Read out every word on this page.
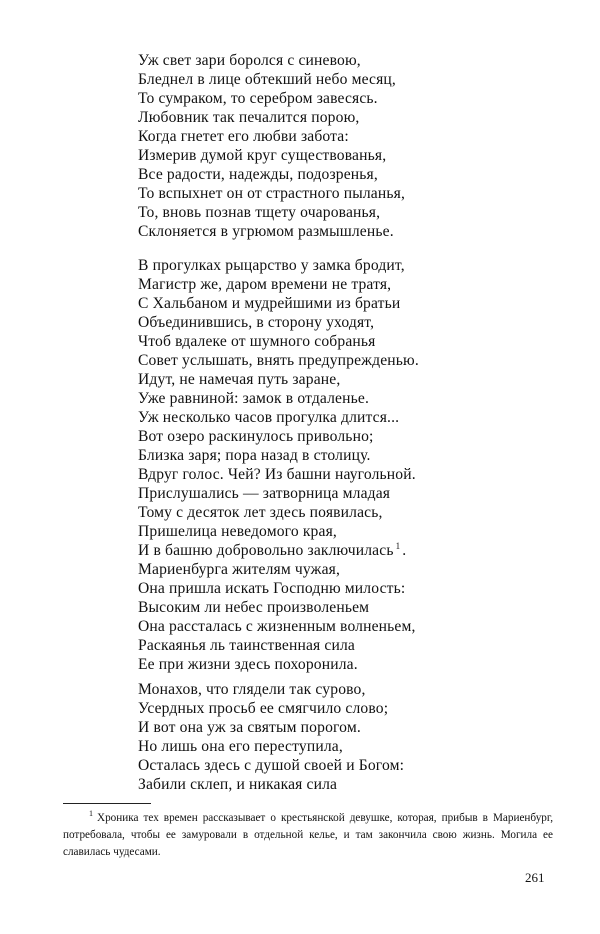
Уж свет зари боролся с синевою,
Бледнел в лице обтекший небо месяц,
То сумраком, то серебром завесясь.
Любовник так печалится порою,
Когда гнетет его любви забота:
Измерив думой круг существованья,
Все радости, надежды, подозренья,
То вспыхнет он от страстного пыланья,
То, вновь познав тщету очарованья,
Склоняется в угрюмом размышленье.
В прогулках рыцарство у замка бродит,
Магистр же, даром времени не тратя,
С Хальбаном и мудрейшими из братьи
Объединившись, в сторону уходят,
Чтоб вдалеке от шумного собранья
Совет услышать, внять предупрежденью.
Идут, не намечая путь заране,
Уже равниной: замок в отдаленье.
Уж несколько часов прогулка длится...
Вот озеро раскинулось привольно;
Близка заря; пора назад в столицу.
Вдруг голос. Чей? Из башни наугольной.
Прислушались — затворница младая
Тому с десяток лет здесь появилась,
Пришелица неведомого края,
И в башню добровольно заключилась $^1$ .
Мариенбурга жителям чужая,
Она пришла искать Господню милость:
Высоким ли небес произволеньем
Она рассталась с жизненным волненьем,
Раскаянья ль таинственная сила
Ее при жизни здесь похоронила.
Монахов, что глядели так сурово,
Усердных просьб ее смягчило слово;
И вот она уж за святым порогом.
Но лишь она его переступила,
Осталась здесь с душой своей и Богом:
Забили склеп, и никакая сила
$^1$ Хроника тех времен рассказывает о крестьянской девушке, которая, прибыв в Мариенбург, потребовала, чтобы ее замуровали в отдельной келье, и там закончила свою жизнь. Могила ее славилась чудесами.
261
